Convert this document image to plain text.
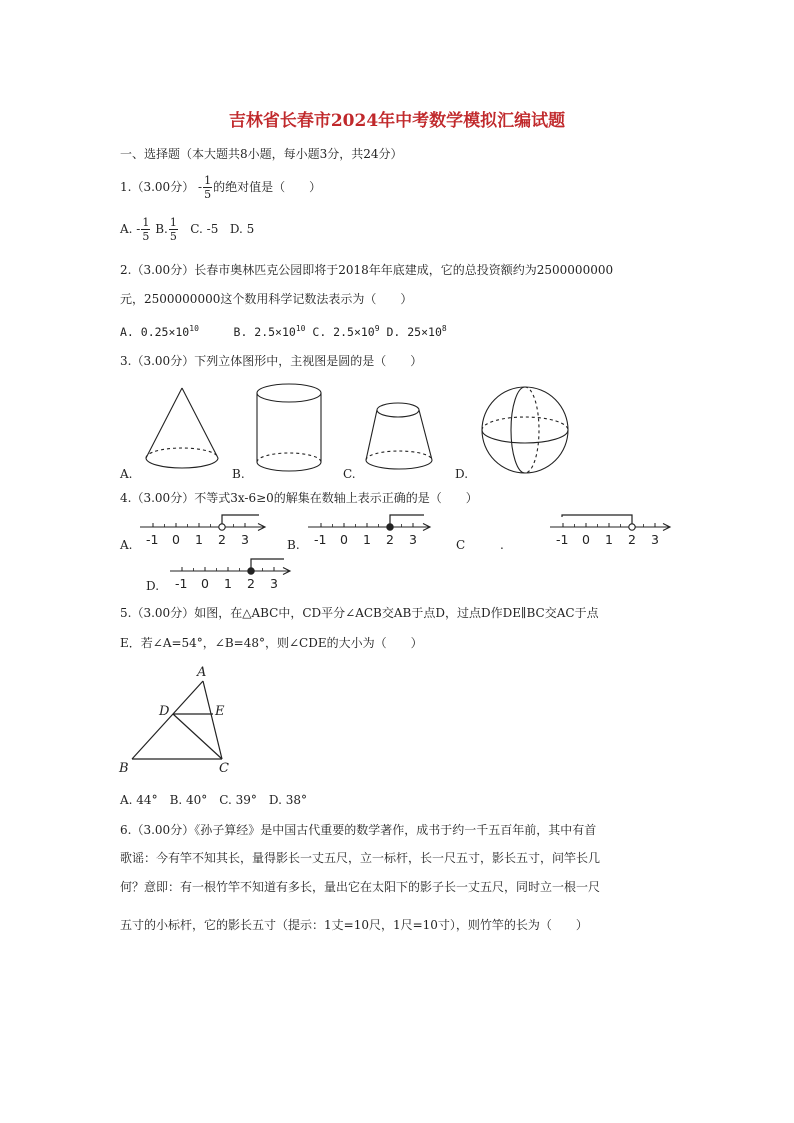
吉林省长春市2024年中考数学模拟汇编试题
一、选择题（本大题共8小题，每小题3分，共24分）
1.（3.00分） - $\frac{1}{5}$ 的绝对值是（　　）
A. - $\frac{1}{5} B$. $\frac{1}{5} C$. -5 D. 5
2.（3.00分）长春市奥林匹克公园即将于2018年年底建成，它的总投资额约为2500000000
元，2500000000这个数用科学记数法表示为（　　）
A. $0.25\times 10^{10}$	B. $2.5\times 10^{10}$ C. $2.5\times 10^9$ D. $25\times 10^8$
3.（3.00分）下列立体图形中，主视图是圆的是（　　）
A.	B.	C.	D.
4.（3.00分）不等式3x-6≥0的解集在数轴上表示正确的是（　　）
A.	B.	C	.
D.
-1 0 1 2 3	-1 0 1 2 3	-1 0 1 2 3
-1 0 1 2 3
5.（3.00分）如图，在△ABC中，CD平分∠ACB交AB于点D，过点D作DE∥BC交AC于点
E．若∠A=54°，∠B=48°，则∠CDE的大小为（　　）
A
B	C
D	E
A. 44°　B. 40°　C. 39°　D. 38°
6.（3.00分）《孙子算经》是中国古代重要的数学著作，成书于约一千五百年前，其中有首
歌谣：今有竿不知其长，量得影长一丈五尺，立一标杆，长一尺五寸，影长五寸，问竿长几
何？意即：有一根竹竿不知道有多长，量出它在太阳下的影子长一丈五尺，同时立一根一尺
五寸的小标杆，它的影长五寸（提示：1丈=10尺，1尺=10寸），则竹竿的长为（　　）
